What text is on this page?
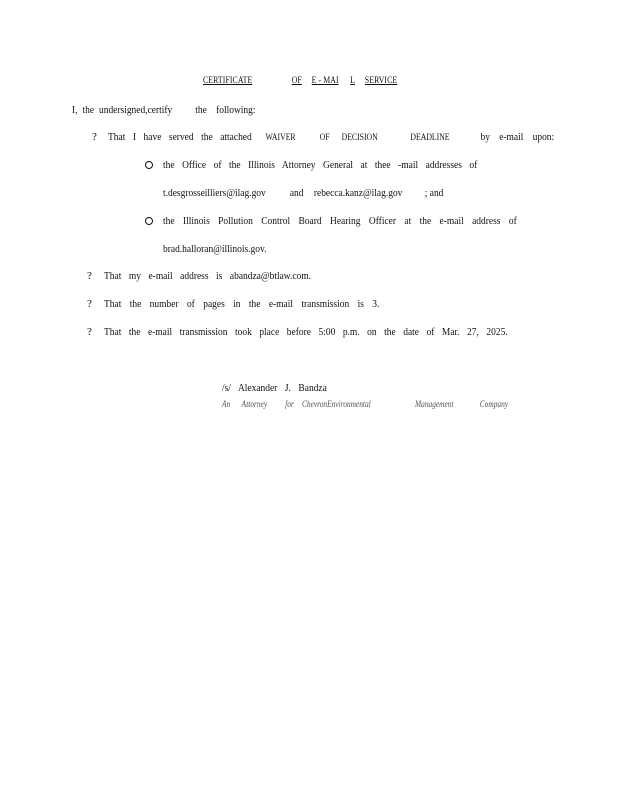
CERTIFICATE	OF E - MAI L SERVICE
I, the undersigned,certify the following:
? That I have served the attached WAIVER	OF DECISION	DEADLINE	by e-mail upon:
the Office of the Illinois Attorney General at thee -mail addresses of
t.desgrosseilliers@ilag.gov and rebecca.kanz@ilag.gov ; and
the Illinois Pollution Control Board Hearing Officer at the e-mail address of
brad.halloran@illinois.gov.
? That my e-mail address is abandza@btlaw.com.
? That the number of pages in the e-mail transmission is 3.
? That the e-mail transmission took place before 5:00 p.m. on the date of Mar. 27, 2025.
/s/ Alexander J. Bandza
An Attorney for ChevronEnvironmental	Management	Company
